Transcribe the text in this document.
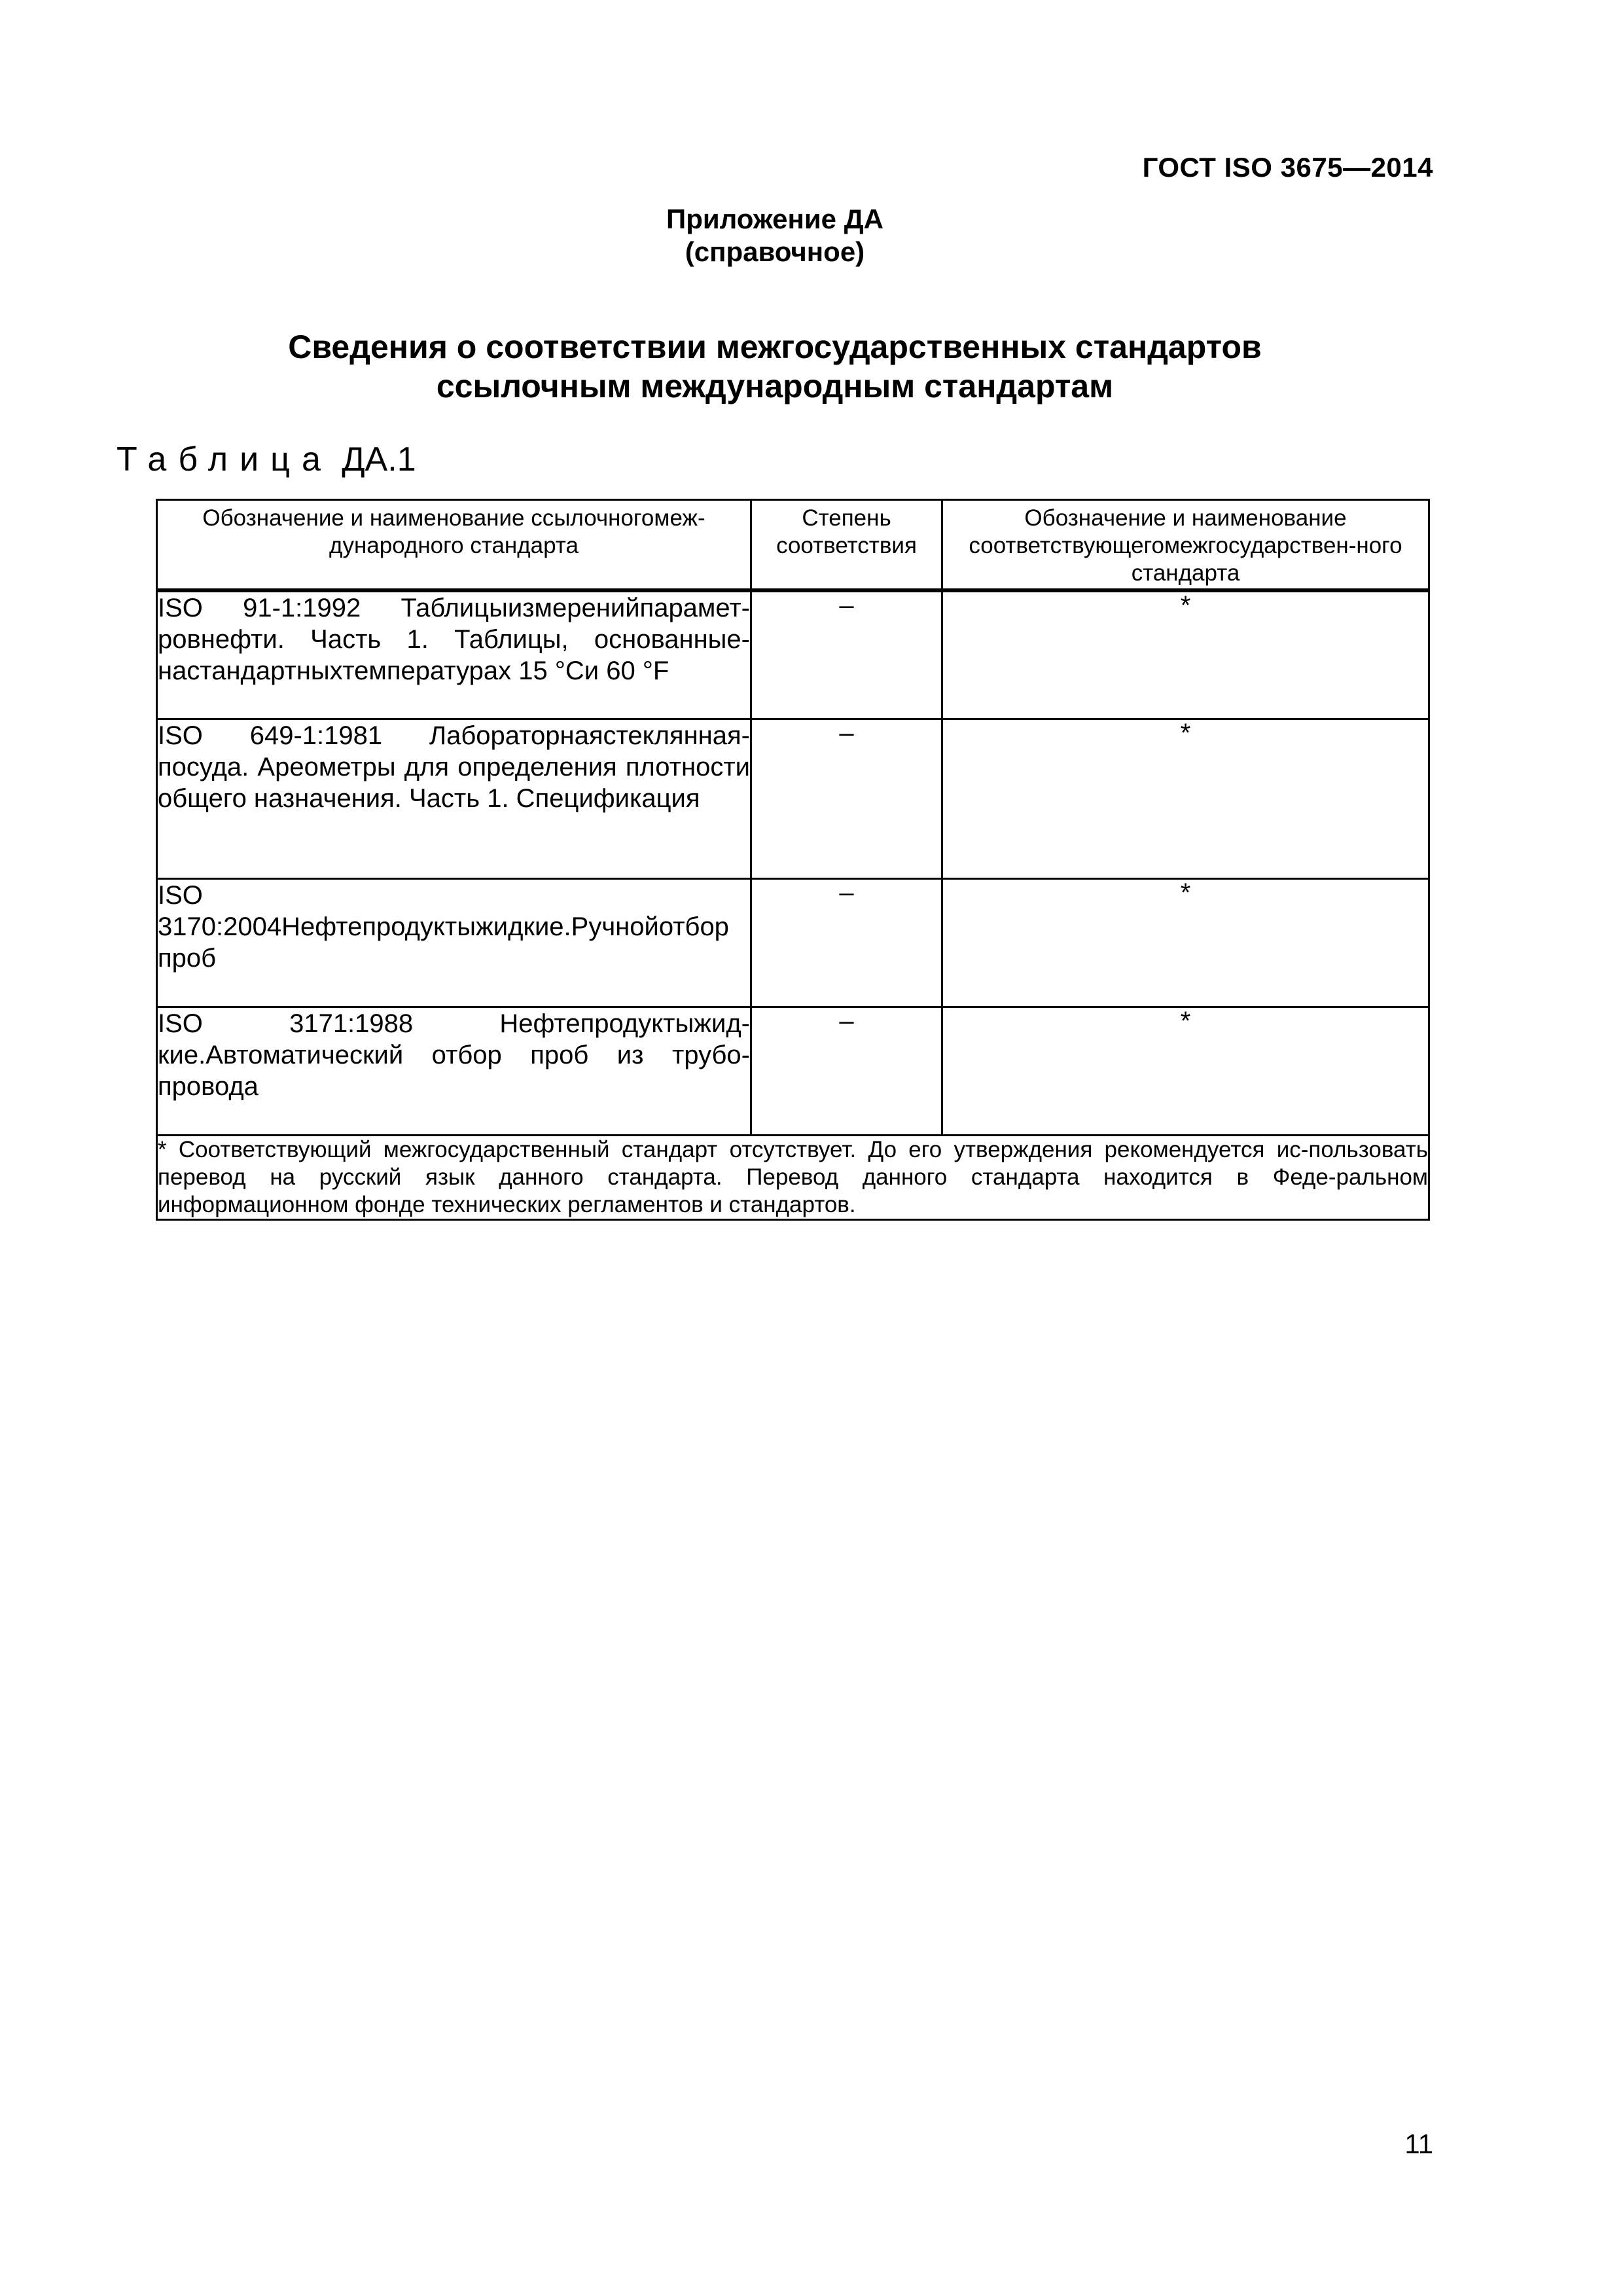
ГОСТ ISO 3675—2014
Приложение ДА
(справочное)
Сведения о соответствии межгосударственных стандартов
ссылочным международным стандартам
Таблица ДА.1
Обозначение и наименование ссылочногомеж-дународного стандарта	Степень соответствия	Обозначение и наименование соответствующегомежгосударствен-ного стандарта
ISO 91-1:1992 Таблицыизмеренийпарамет-ровнефти. Часть 1. Таблицы, основанные-настандартныхтемпературах 15 °Си 60 °F	–	*
ISO 649-1:1981 Лабораторнаястеклянная-посуда. Ареометры для определения плотности общего назначения. Часть 1. Спецификация	–	*
ISO 3170:2004Нефтепродуктыжидкие.Ручнойотбор проб	–	*
ISO 3171:1988 Нефтепродуктыжид-кие.Автоматический отбор проб из трубо-провода	–	*
* Соответствующий межгосударственный стандарт отсутствует. До его утверждения рекомендуется ис-пользовать перевод на русский язык данного стандарта. Перевод данного стандарта находится в Феде-ральном информационном фонде технических регламентов и стандартов.		
11
